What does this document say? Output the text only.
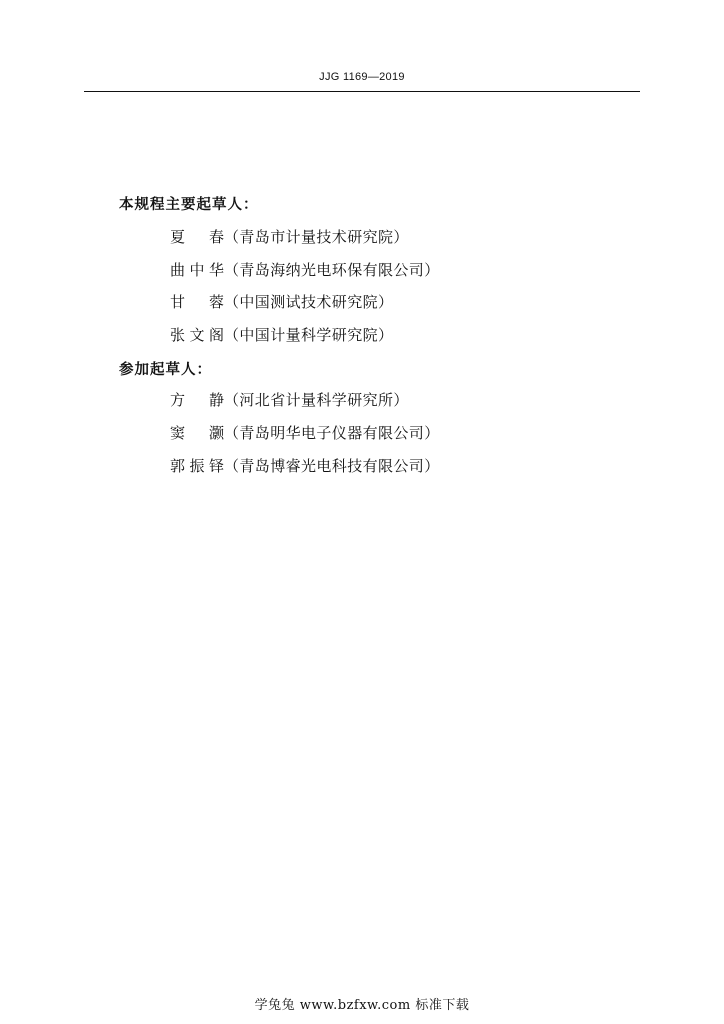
JJG 1169—2019
本规程主要起草人：
夏 春（青岛市计量技术研究院）
曲中华（青岛海纳光电环保有限公司）
甘 蓉（中国测试技术研究院）
张文阁（中国计量科学研究院）
参加起草人：
方 静（河北省计量科学研究所）
窦 灏（青岛明华电子仪器有限公司）
郭振铎（青岛博睿光电科技有限公司）
学兔兔 www.bzfxw.com 标准下载
